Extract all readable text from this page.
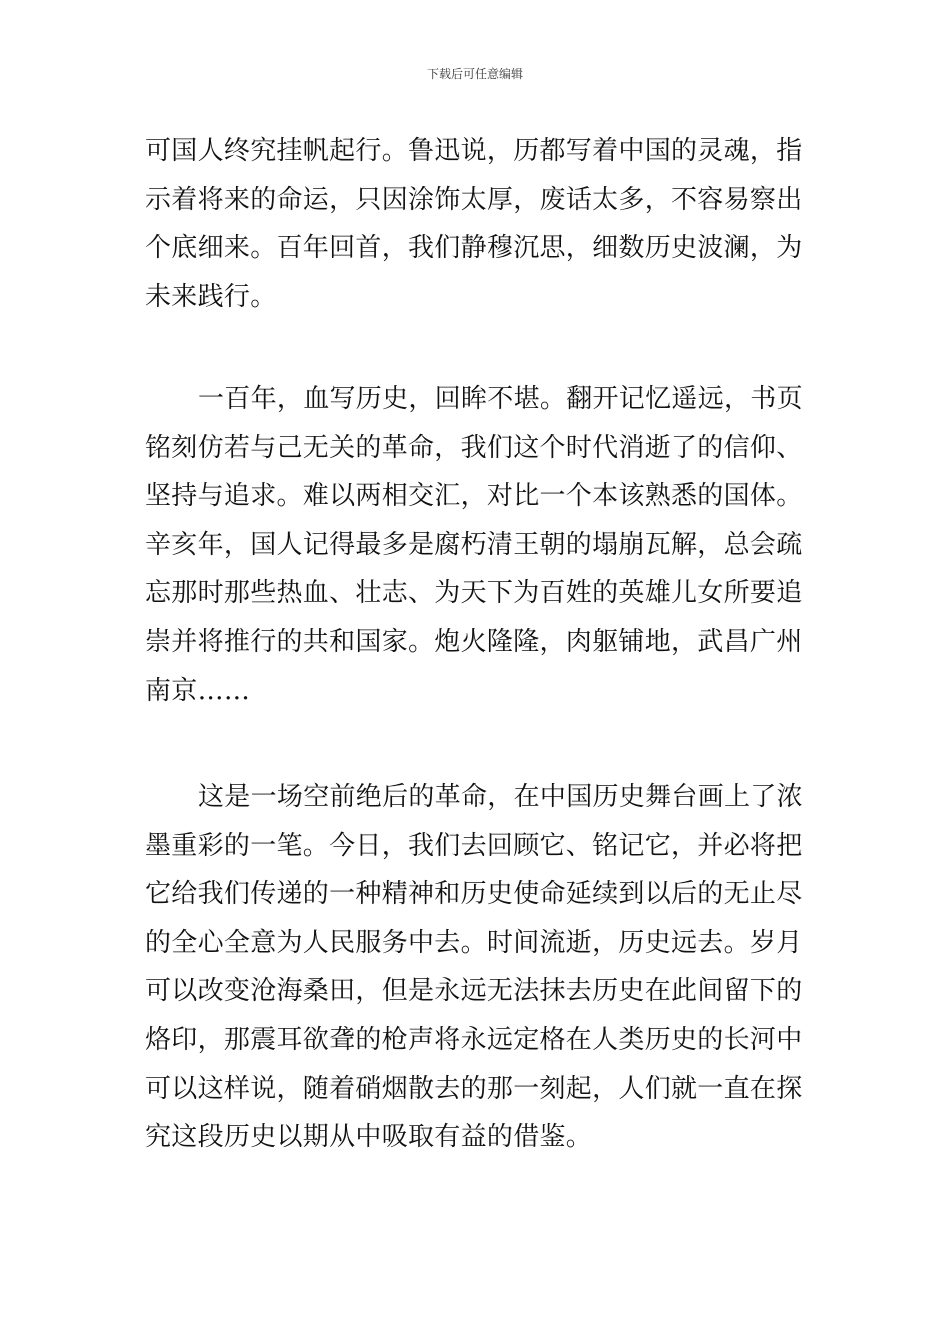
下载后可任意编辑
可国人终究挂帆起行。鲁迅说，历都写着中国的灵魂，指
示着将来的命运，只因涂饰太厚，废话太多，不容易察出
个底细来。百年回首，我们静穆沉思，细数历史波澜，为
未来践行。
一百年，血写历史，回眸不堪。翻开记忆遥远，书页
铭刻仿若与己无关的革命，我们这个时代消逝了的信仰、
坚持与追求。难以两相交汇，对比一个本该熟悉的国体。
辛亥年，国人记得最多是腐朽清王朝的塌崩瓦解，总会疏
忘那时那些热血、壮志、为天下为百姓的英雄儿女所要追
崇并将推行的共和国家。炮火隆隆，肉躯铺地，武昌广州
南京……
这是一场空前绝后的革命，在中国历史舞台画上了浓
墨重彩的一笔。今日，我们去回顾它、铭记它，并必将把
它给我们传递的一种精神和历史使命延续到以后的无止尽
的全心全意为人民服务中去。时间流逝，历史远去。岁月
可以改变沧海桑田，但是永远无法抹去历史在此间留下的
烙印，那震耳欲聋的枪声将永远定格在人类历史的长河中
可以这样说，随着硝烟散去的那一刻起，人们就一直在探
究这段历史以期从中吸取有益的借鉴。
